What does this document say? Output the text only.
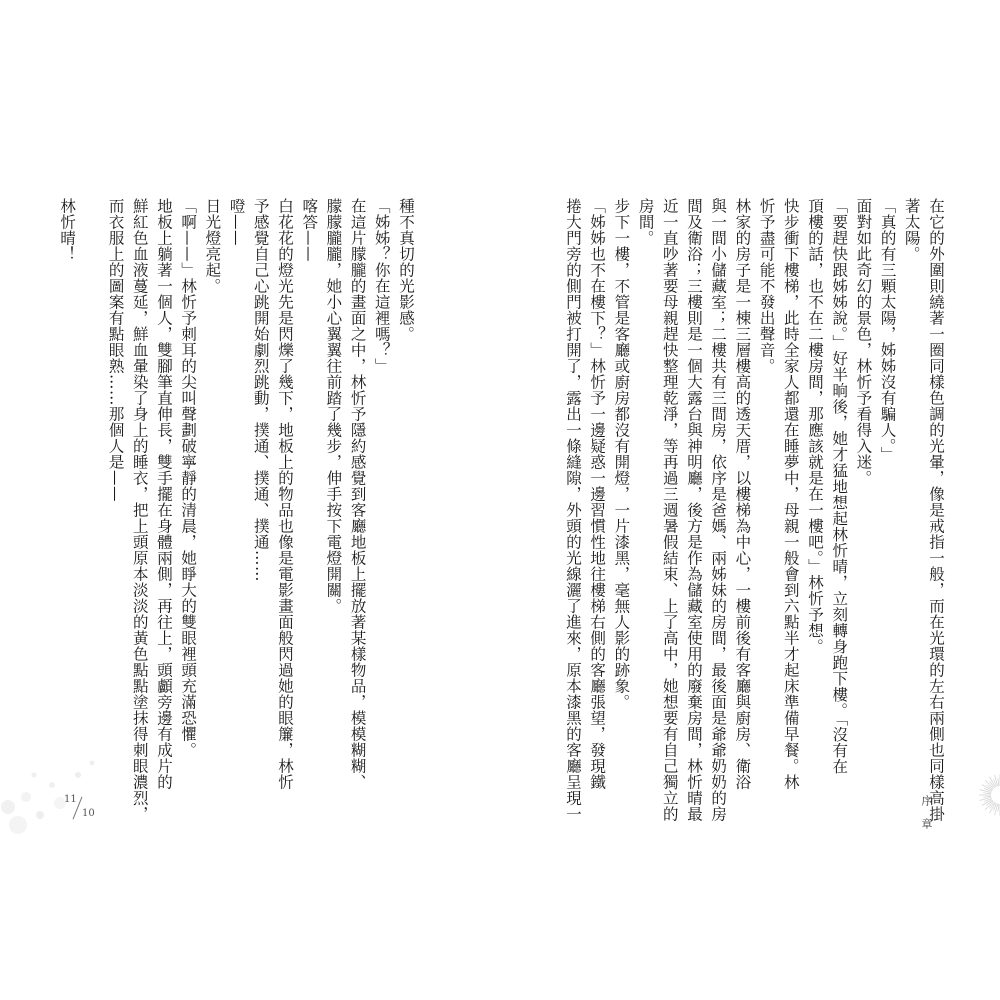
在它的外圍則繞著一圈同樣色調的光暈，像是戒指一般，而在光環的左右兩側也同樣高掛
著太陽。
「真的有三顆太陽，姊姊沒有騙人。」
面對如此奇幻的景色，林忻予看得入迷。
「要趕快跟姊姊說。」好半晌後，她才猛地想起林忻晴，立刻轉身跑下樓。「沒有在
頂樓的話，也不在二樓房間，那應該就是在一樓吧。」林忻予想。
快步衝下樓梯，此時全家人都還在睡夢中，母親一般會到六點半才起床準備早餐。林
忻予盡可能不發出聲音。
林家的房子是一棟三層樓高的透天厝，以樓梯為中心，一樓前後有客廳與廚房、衛浴
與一間小儲藏室；二樓共有三間房，依序是爸媽、兩姊妹的房間，最後面是爺爺奶奶的房
間及衛浴；三樓則是一個大露台與神明廳，後方是作為儲藏室使用的廢棄房間，林忻晴最
近一直吵著要母親趕快整理乾淨，等再過三週暑假結束、上了高中，她想要有自己獨立的
房間。
步下一樓，不管是客廳或廚房都沒有開燈，一片漆黑，毫無人影的跡象。
「姊姊也不在樓下？」林忻予一邊疑惑一邊習慣性地往樓梯右側的客廳張望，發現鐵
捲大門旁的側門被打開了，露出一條縫隙，外頭的光線灑了進來，原本漆黑的客廳呈現一	序章
種不真切的光影感。
「姊姊？你在這裡嗎？」
在這片朦朧的畫面之中，林忻予隱約感覺到客廳地板上擺放著某樣物品，模模糊糊、
朦朦朧朧，她小心翼翼往前踏了幾步，伸手按下電燈開關。
喀答——
白花花的燈光先是閃爍了幾下，地板上的物品也像是電影畫面般閃過她的眼簾，林忻
予感覺自己心跳開始劇烈跳動，撲通、撲通、撲通……
噔——
日光燈亮起。
「啊——」林忻予刺耳的尖叫聲劃破寧靜的清晨，她睜大的雙眼裡頭充滿恐懼。
地板上躺著一個人，雙腳筆直伸長，雙手擺在身體兩側，再往上，頭顱旁邊有成片的
鮮紅色血液蔓延，鮮血暈染了身上的睡衣，把上頭原本淡淡的黃色點點塗抹得刺眼濃烈，
而衣服上的圖案有點眼熟……那個人是——

林忻晴！
11
10
